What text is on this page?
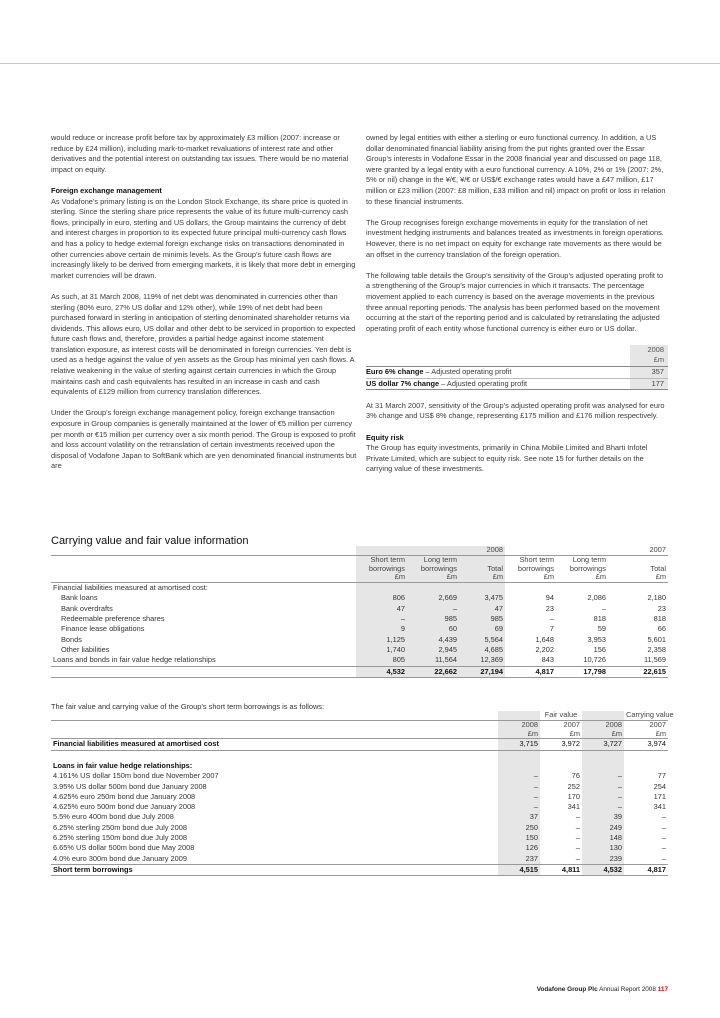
would reduce or increase profit before tax by approximately £3 million (2007: increase or reduce by £24 million), including mark-to-market revaluations of interest rate and other derivatives and the potential interest on outstanding tax issues. There would be no material impact on equity.

Foreign exchange management

As Vodafone’s primary listing is on the London Stock Exchange, its share price is quoted in sterling. Since the sterling share price represents the value of its future multi-currency cash flows, principally in euro, sterling and US dollars, the Group maintains the currency of debt and interest charges in proportion to its expected future principal multi-currency cash flows and has a policy to hedge external foreign exchange risks on transactions denominated in other currencies above certain de minimis levels. As the Group’s future cash flows are increasingly likely to be derived from emerging markets, it is likely that more debt in emerging market currencies will be drawn.

As such, at 31 March 2008, 119% of net debt was denominated in currencies other than sterling (80% euro, 27% US dollar and 12% other), while 19% of net debt had been purchased forward in sterling in anticipation of sterling denominated shareholder returns via dividends. This allows euro, US dollar and other debt to be serviced in proportion to expected future cash flows and, therefore, provides a partial hedge against income statement translation exposure, as interest costs will be denominated in foreign currencies. Yen debt is used as a hedge against the value of yen assets as the Group has minimal yen cash flows. A relative weakening in the value of sterling against certain currencies in which the Group maintains cash and cash equivalents has resulted in an increase in cash and cash equivalents of £129 million from currency translation differences.

Under the Group’s foreign exchange management policy, foreign exchange transaction exposure in Group companies is generally maintained at the lower of €5 million per currency per month or €15 million per currency over a six month period. The Group is exposed to profit and loss account volatility on the retranslation of certain investments received upon the disposal of Vodafone Japan to SoftBank which are yen denominated financial instruments but are

owned by legal entities with either a sterling or euro functional currency. In addition, a US dollar denominated financial liability arising from the put rights granted over the Essar Group’s interests in Vodafone Essar in the 2008 financial year and discussed on page 118, were granted by a legal entity with a euro functional currency. A 10%, 2% or 1% (2007: 2%, 5% or nil) change in the ¥/€, ¥/€ or US$/€ exchange rates would have a £47 million, £17 million or £23 million (2007: £8 million, £33 million and nil) impact on profit or loss in relation to these financial instruments.

The Group recognises foreign exchange movements in equity for the translation of net investment hedging instruments and balances treated as investments in foreign operations. However, there is no net impact on equity for exchange rate movements as there would be an offset in the currency translation of the foreign operation.

The following table details the Group’s sensitivity of the Group’s adjusted operating profit to a strengthening of the Group’s major currencies in which it transacts. The percentage movement applied to each currency is based on the average movements in the previous three annual reporting periods. The analysis has been performed based on the movement occurring at the start of the reporting period and is calculated by retranslating the adjusted operating profit of each entity whose functional currency is either euro or US dollar.

	2008
	£m
Euro 6% change – Adjusted operating profit	357
US dollar 7% change – Adjusted operating profit	177

At 31 March 2007, sensitivity of the Group’s adjusted operating profit was analysed for euro 3% change and US$ 8% change, representing £175 million and £176 million respectively.

Equity risk

The Group has equity investments, primarily in China Mobile Limited and Bharti Infotel Private Limited, which are subject to equity risk. See note 15 for further details on the carrying value of these investments.

Carrying value and fair value information
			2008			2007
	Short term	Long term		Short term	Long term	
	borrowings	borrowings	Total	borrowings	borrowings	Total
	£m	£m	£m	£m	£m	£m
Financial liabilities measured at amortised cost:						
Bank loans	806	2,669	3,475	94	2,086	2,180
Bank overdrafts	47	–	47	23	–	23
Redeemable preference shares	–	985	985	–	818	818
Finance lease obligations	9	60	69	7	59	66
Bonds	1,125	4,439	5,564	1,648	3,953	5,601
Other liabilities	1,740	2,945	4,685	2,202	156	2,358
Loans and bonds in fair value hedge relationships	805	11,564	12,369	843	10,726	11,569
	4,532	22,662	27,194	4,817	17,798	22,615
The fair value and carrying value of the Group’s short term borrowings is as follows:
		Fair value		Carrying value
	2008	2007	2008	2007
	£m	£m	£m	£m
Financial liabilities measured at amortised cost	3,715	3,972	3,727	3,974

Loans in fair value hedge relationships:				
4.161% US dollar 150m bond due November 2007	–	76	–	77
3.95% US dollar 500m bond due January 2008	–	252	–	254
4.625% euro 250m bond due January 2008	–	170	–	171
4.625% euro 500m bond due January 2008	–	341	–	341
5.5% euro 400m bond due July 2008	37	–	39	–
6.25% sterling 250m bond due July 2008	250	–	249	–
6.25% sterling 150m bond due July 2008	150	–	148	–
6.65% US dollar 500m bond due May 2008	126	–	130	–
4.0% euro 300m bond due January 2009	237	–	239	–
Short term borrowings	4,515	4,811	4,532	4,817
Vodafone Group Plc Annual Report 2008 117
